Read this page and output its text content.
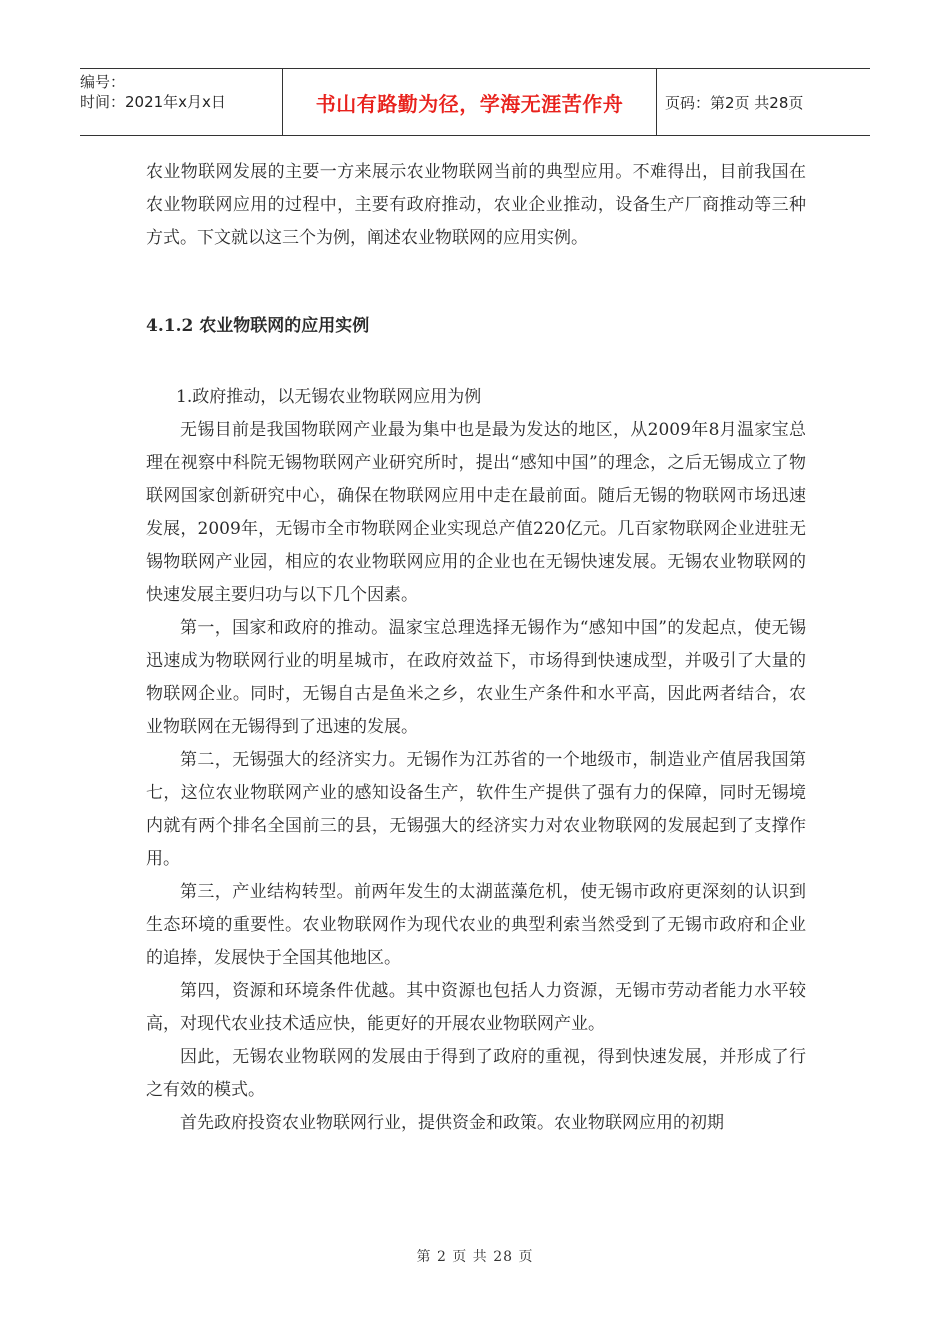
编号：
时间：2021年x月x日	书山有路勤为径，学海无涯苦作舟	页码：第2页 共28页

农业物联网发展的主要一方来展示农业物联网当前的典型应用。不难得出，目前我国在农业物联网应用的过程中，主要有政府推动，农业企业推动，设备生产厂商推动等三种方式。下文就以这三个为例，阐述农业物联网的应用实例。

4.1.2 农业物联网的应用实例

1.政府推动，以无锡农业物联网应用为例

无锡目前是我国物联网产业最为集中也是最为发达的地区，从2009年8月温家宝总理在视察中科院无锡物联网产业研究所时，提出“感知中国”的理念，之后无锡成立了物联网国家创新研究中心，确保在物联网应用中走在最前面。随后无锡的物联网市场迅速发展，2009年，无锡市全市物联网企业实现总产值220亿元。几百家物联网企业进驻无锡物联网产业园，相应的农业物联网应用的企业也在无锡快速发展。无锡农业物联网的快速发展主要归功与以下几个因素。

第一，国家和政府的推动。温家宝总理选择无锡作为“感知中国”的发起点，使无锡迅速成为物联网行业的明星城市，在政府效益下，市场得到快速成型，并吸引了大量的物联网企业。同时，无锡自古是鱼米之乡，农业生产条件和水平高，因此两者结合，农业物联网在无锡得到了迅速的发展。

第二，无锡强大的经济实力。无锡作为江苏省的一个地级市，制造业产值居我国第七，这位农业物联网产业的感知设备生产，软件生产提供了强有力的保障，同时无锡境内就有两个排名全国前三的县，无锡强大的经济实力对农业物联网的发展起到了支撑作用。

第三，产业结构转型。前两年发生的太湖蓝藻危机，使无锡市政府更深刻的认识到生态环境的重要性。农业物联网作为现代农业的典型利索当然受到了无锡市政府和企业的追捧，发展快于全国其他地区。

第四，资源和环境条件优越。其中资源也包括人力资源，无锡市劳动者能力水平较高，对现代农业技术适应快，能更好的开展农业物联网产业。

因此，无锡农业物联网的发展由于得到了政府的重视，得到快速发展，并形成了行之有效的模式。

首先政府投资农业物联网行业，提供资金和政策。农业物联网应用的初期

第 2 页 共 28 页
